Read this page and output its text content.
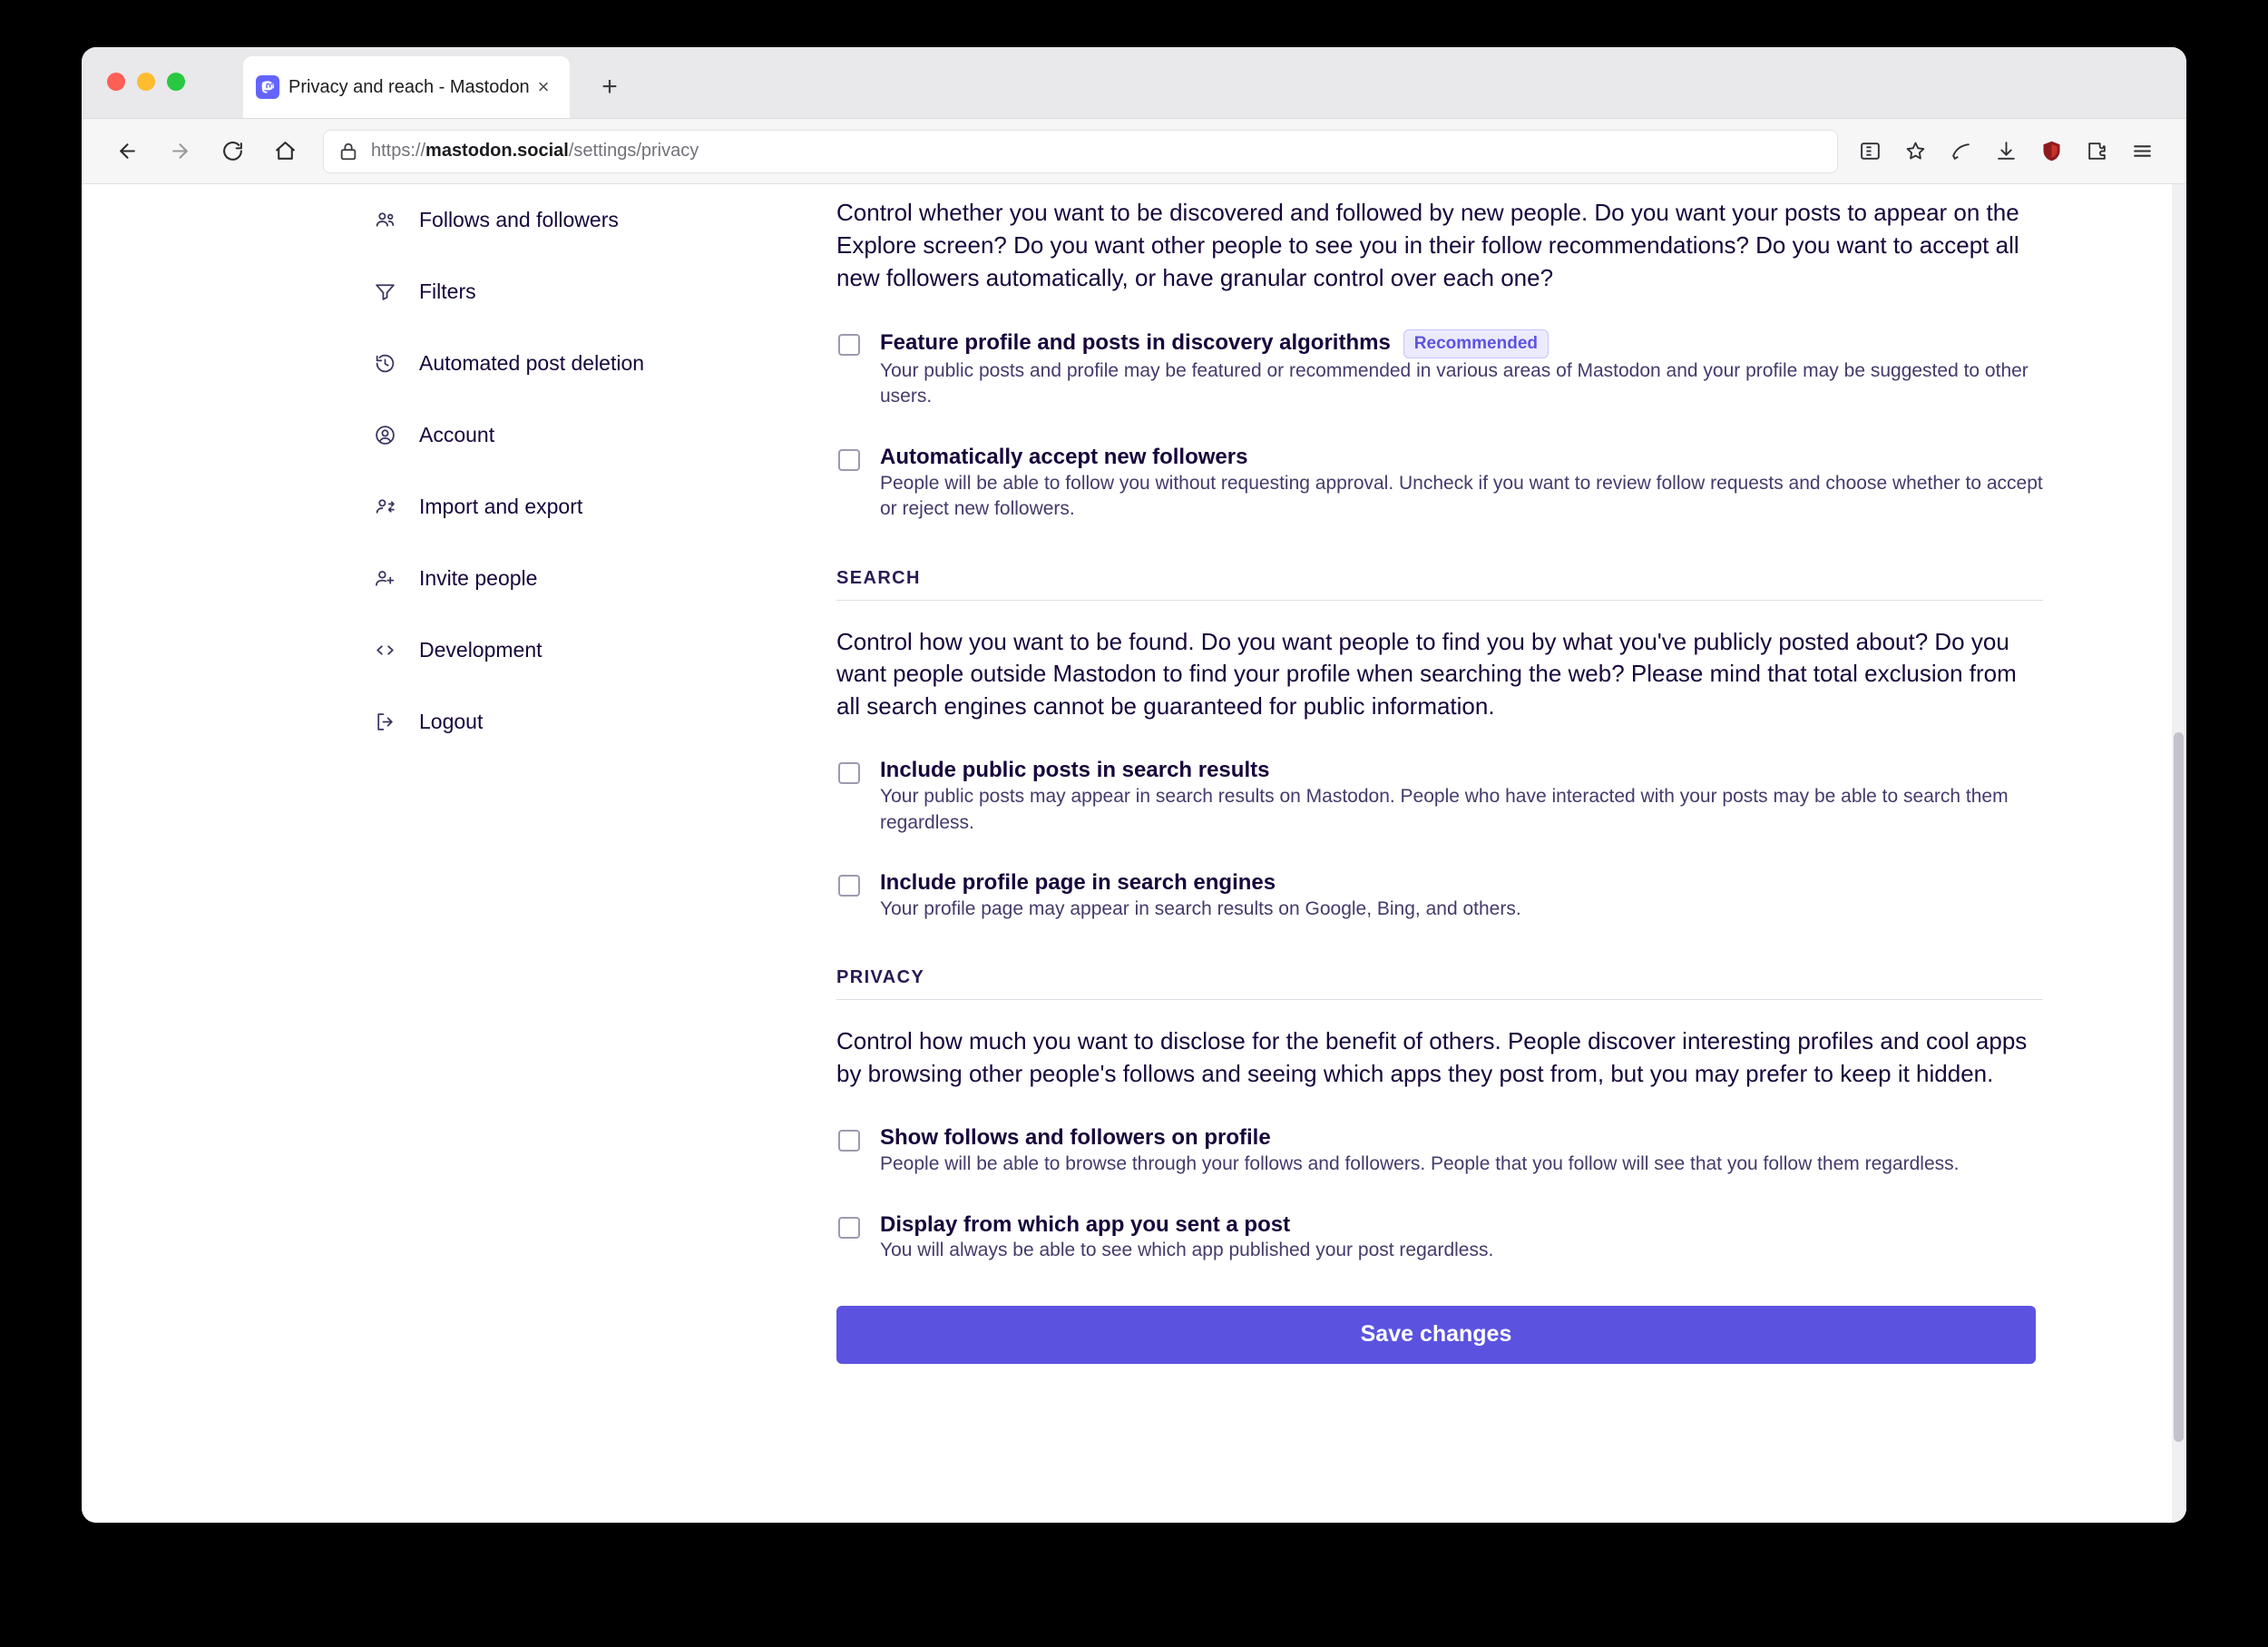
Privacy and reach - Mastodon ×	+
https://mastodon.social/settings/privacy
Follows and followers
Filters
Automated post deletion
Account
Import and export
Invite people
Development
Logout

Control whether you want to be discovered and followed by new people. Do you want your posts to appear on the Explore screen? Do you want other people to see you in their follow recommendations? Do you want to accept all new followers automatically, or have granular control over each one?

Feature profile and posts in discovery algorithms	Recommended
Your public posts and profile may be featured or recommended in various areas of Mastodon and your profile may be suggested to other users.
Automatically accept new followers
People will be able to follow you without requesting approval. Uncheck if you want to review follow requests and choose whether to accept or reject new followers.
SEARCH

Control how you want to be found. Do you want people to find you by what you've publicly posted about? Do you want people outside Mastodon to find your profile when searching the web? Please mind that total exclusion from all search engines cannot be guaranteed for public information.

Include public posts in search results
Your public posts may appear in search results on Mastodon. People who have interacted with your posts may be able to search them regardless.
Include profile page in search engines
Your profile page may appear in search results on Google, Bing, and others.
PRIVACY

Control how much you want to disclose for the benefit of others. People discover interesting profiles and cool apps by browsing other people's follows and seeing which apps they post from, but you may prefer to keep it hidden.

Show follows and followers on profile
People will be able to browse through your follows and followers. People that you follow will see that you follow them regardless.
Display from which app you sent a post
You will always be able to see which app published your post regardless.
Save changes
